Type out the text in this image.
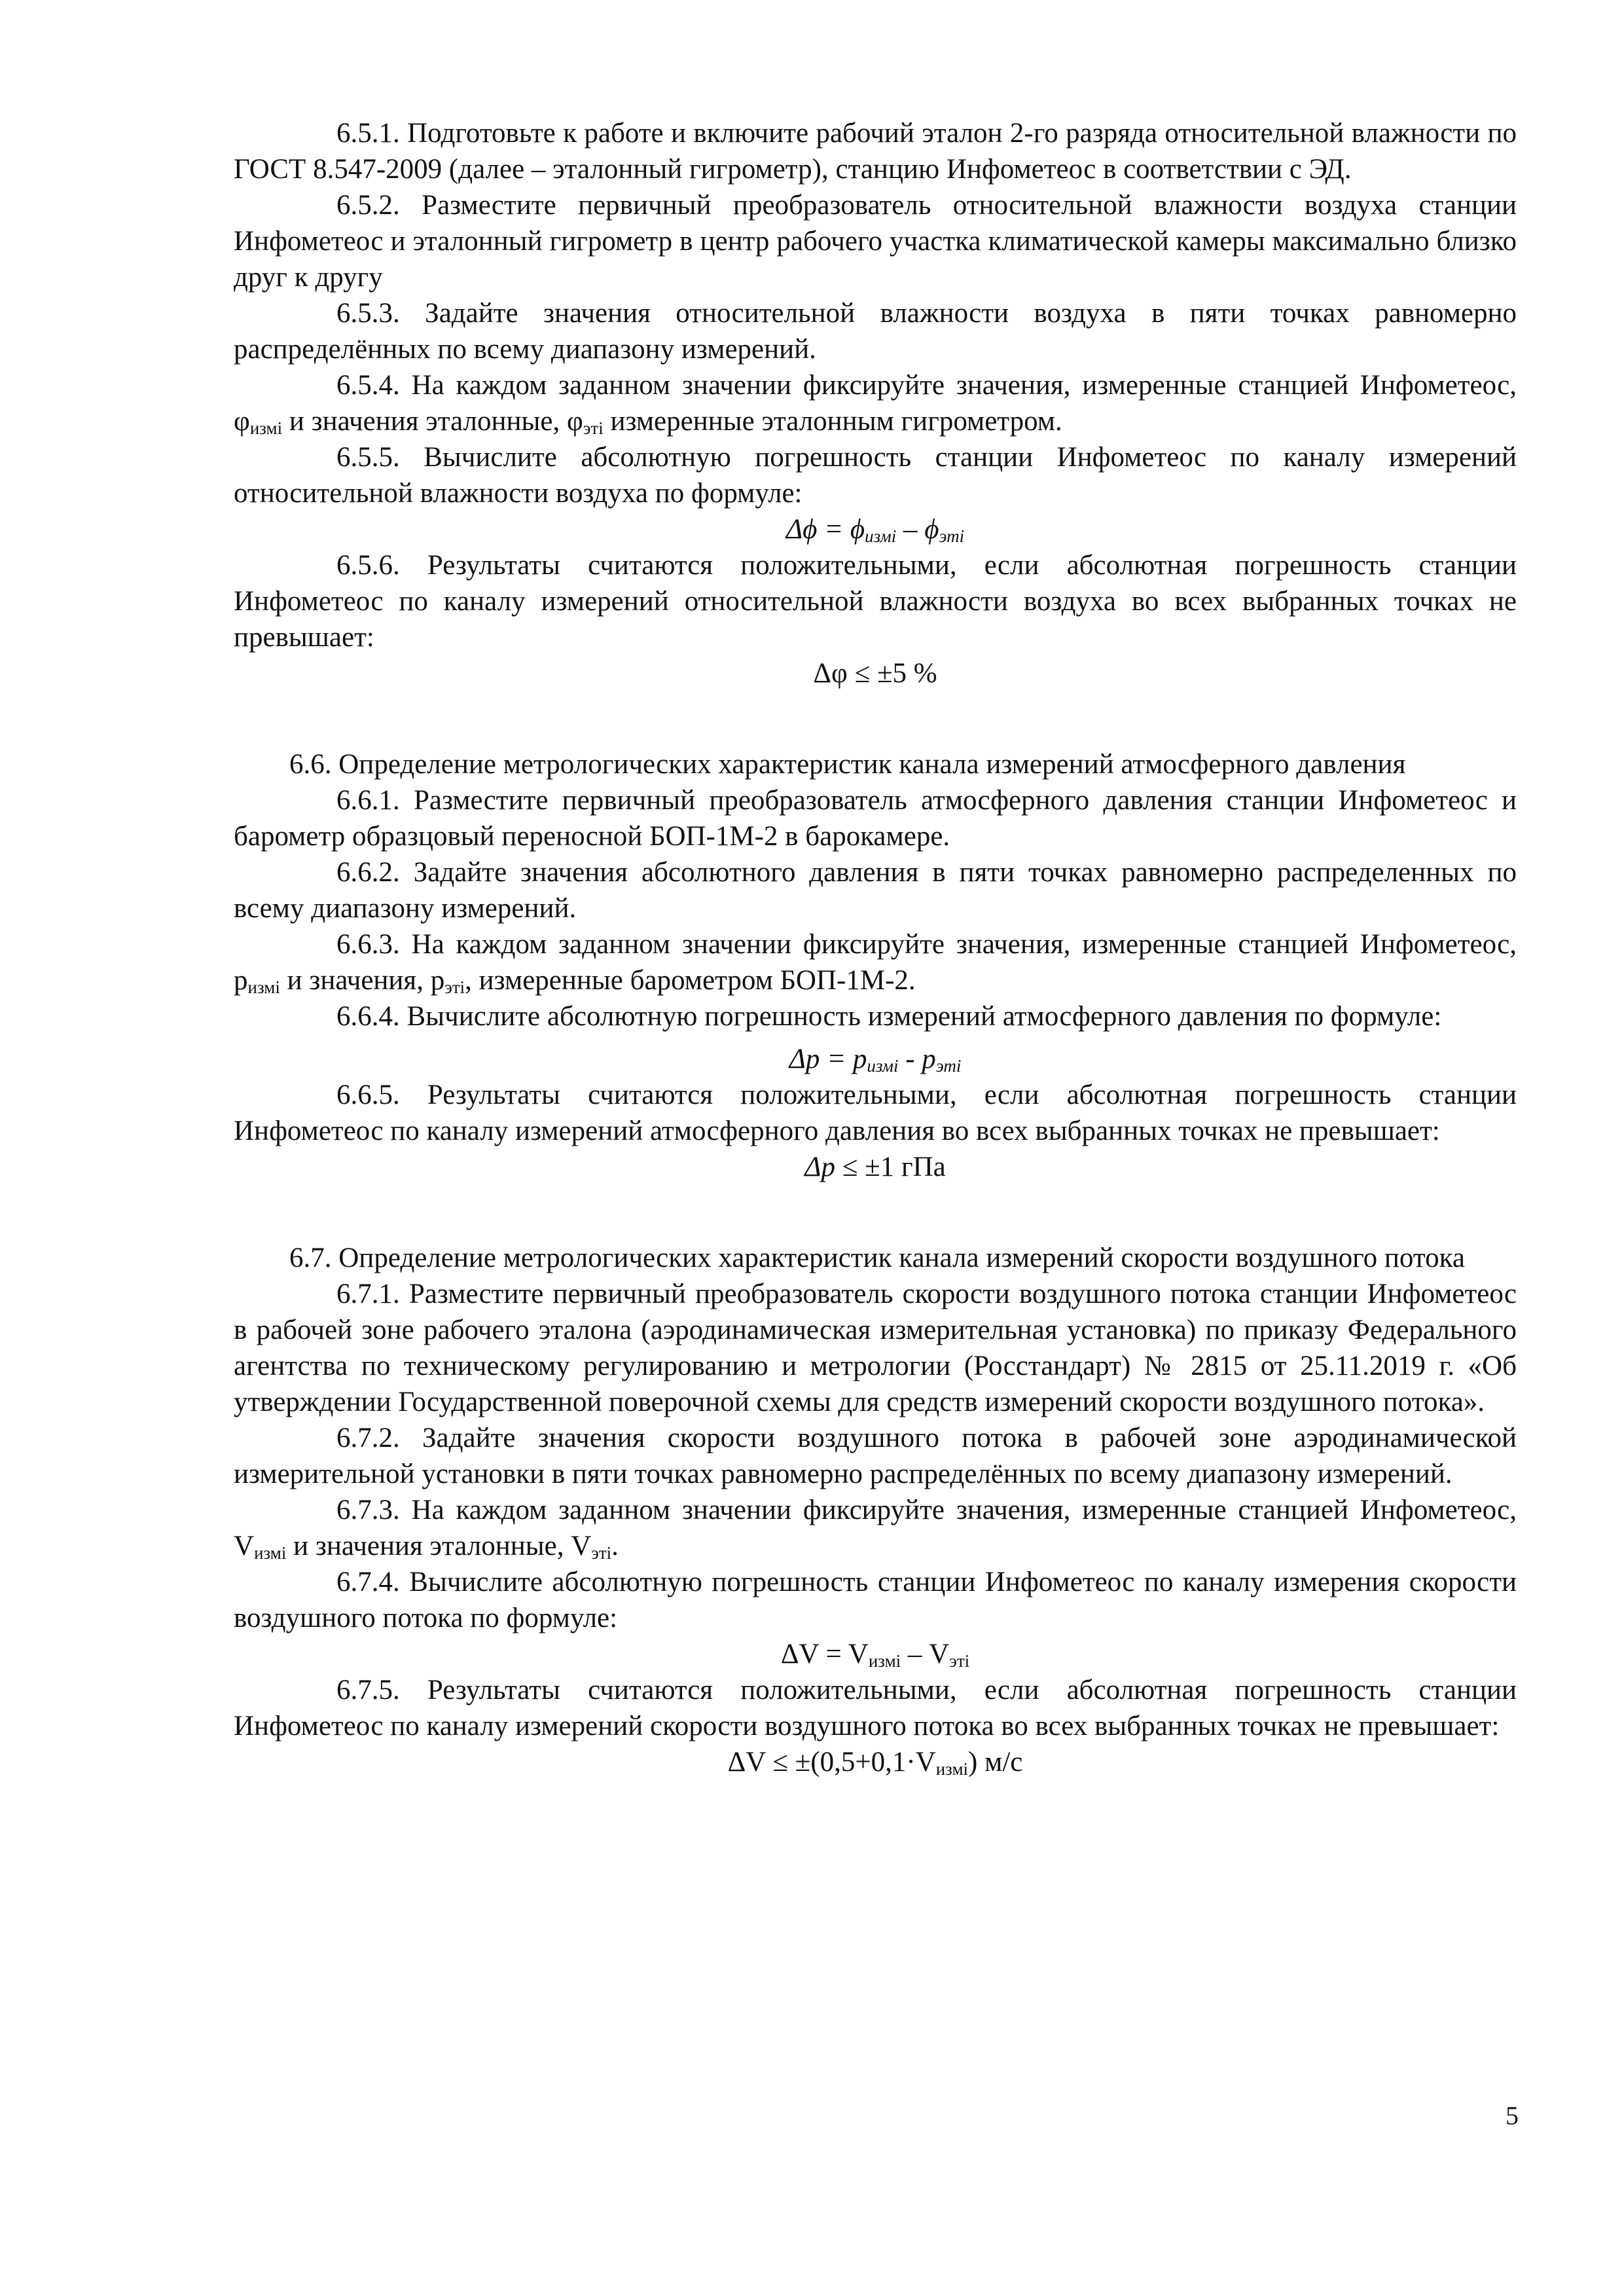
6.5.1. Подготовьте к работе и включите рабочий эталон 2-го разряда относительной влажности по ГОСТ 8.547-2009 (далее – эталонный гигрометр), станцию Инфометеос в соответствии с ЭД.

6.5.2. Разместите первичный преобразователь относительной влажности воздуха станции Инфометеос и эталонный гигрометр в центр рабочего участка климатической камеры максимально близко друг к другу

6.5.3. Задайте значения относительной влажности воздуха в пяти точках равномерно распределённых по всему диапазону измерений.

6.5.4. На каждом заданном значении фиксируйте значения, измеренные станцией Инфометеос, $\varphi_{измi}$ и значения эталонные, $\varphi_{эті}$ измеренные эталонным гигрометром.

6.5.5. Вычислите абсолютную погрешность станции Инфометеос по каналу измерений относительной влажности воздуха по формуле:

$\Delta\phi = \phi_{измі} - \phi_{эті}$

6.5.6. Результаты считаются положительными, если абсолютная погрешность станции Инфометеос по каналу измерений относительной влажности воздуха во всех выбранных точках не превышает:

Δφ ≤ ±5 %

6.6. Определение метрологических характеристик канала измерений атмосферного давления

6.6.1. Разместите первичный преобразователь атмосферного давления станции Инфометеос и барометр образцовый переносной БОП-1М-2 в барокамере.

6.6.2. Задайте значения абсолютного давления в пяти точках равномерно распределенных по всему диапазону измерений.

6.6.3. На каждом заданном значении фиксируйте значения, измеренные станцией Инфометеос, $p_{измі}$ и значения, $p_{эті}$, измеренные барометром БОП-1М-2.

6.6.4. Вычислите абсолютную погрешность измерений атмосферного давления по формуле:

$\Delta p = p_{измі} - p_{эті}$

6.6.5. Результаты считаются положительными, если абсолютная погрешность станции Инфометеос по каналу измерений атмосферного давления во всех выбранных точках не превышает:

Δp ≤ ±1 гПа

6.7. Определение метрологических характеристик канала измерений скорости воздушного потока

6.7.1. Разместите первичный преобразователь скорости воздушного потока станции Инфометеос в рабочей зоне рабочего эталона (аэродинамическая измерительная установка) по приказу Федерального агентства по техническому регулированию и метрологии (Росстандарт) № 2815 от 25.11.2019 г. «Об утверждении Государственной поверочной схемы для средств измерений скорости воздушного потока».

6.7.2. Задайте значения скорости воздушного потока в рабочей зоне аэродинамической измерительной установки в пяти точках равномерно распределённых по всему диапазону измерений.

6.7.3. На каждом заданном значении фиксируйте значения, измеренные станцией Инфометеос, $V_{измі}$ и значения эталонные, $V_{эті}$.

6.7.4. Вычислите абсолютную погрешность станции Инфометеос по каналу измерения скорости воздушного потока по формуле:

$\Delta V = V_{измі} - V_{эті}$

6.7.5. Результаты считаются положительными, если абсолютная погрешность станции Инфометеос по каналу измерений скорости воздушного потока во всех выбранных точках не превышает:

$\Delta V \le \pm(0,5+0,1\cdot V_{измі})$ м/с

5
